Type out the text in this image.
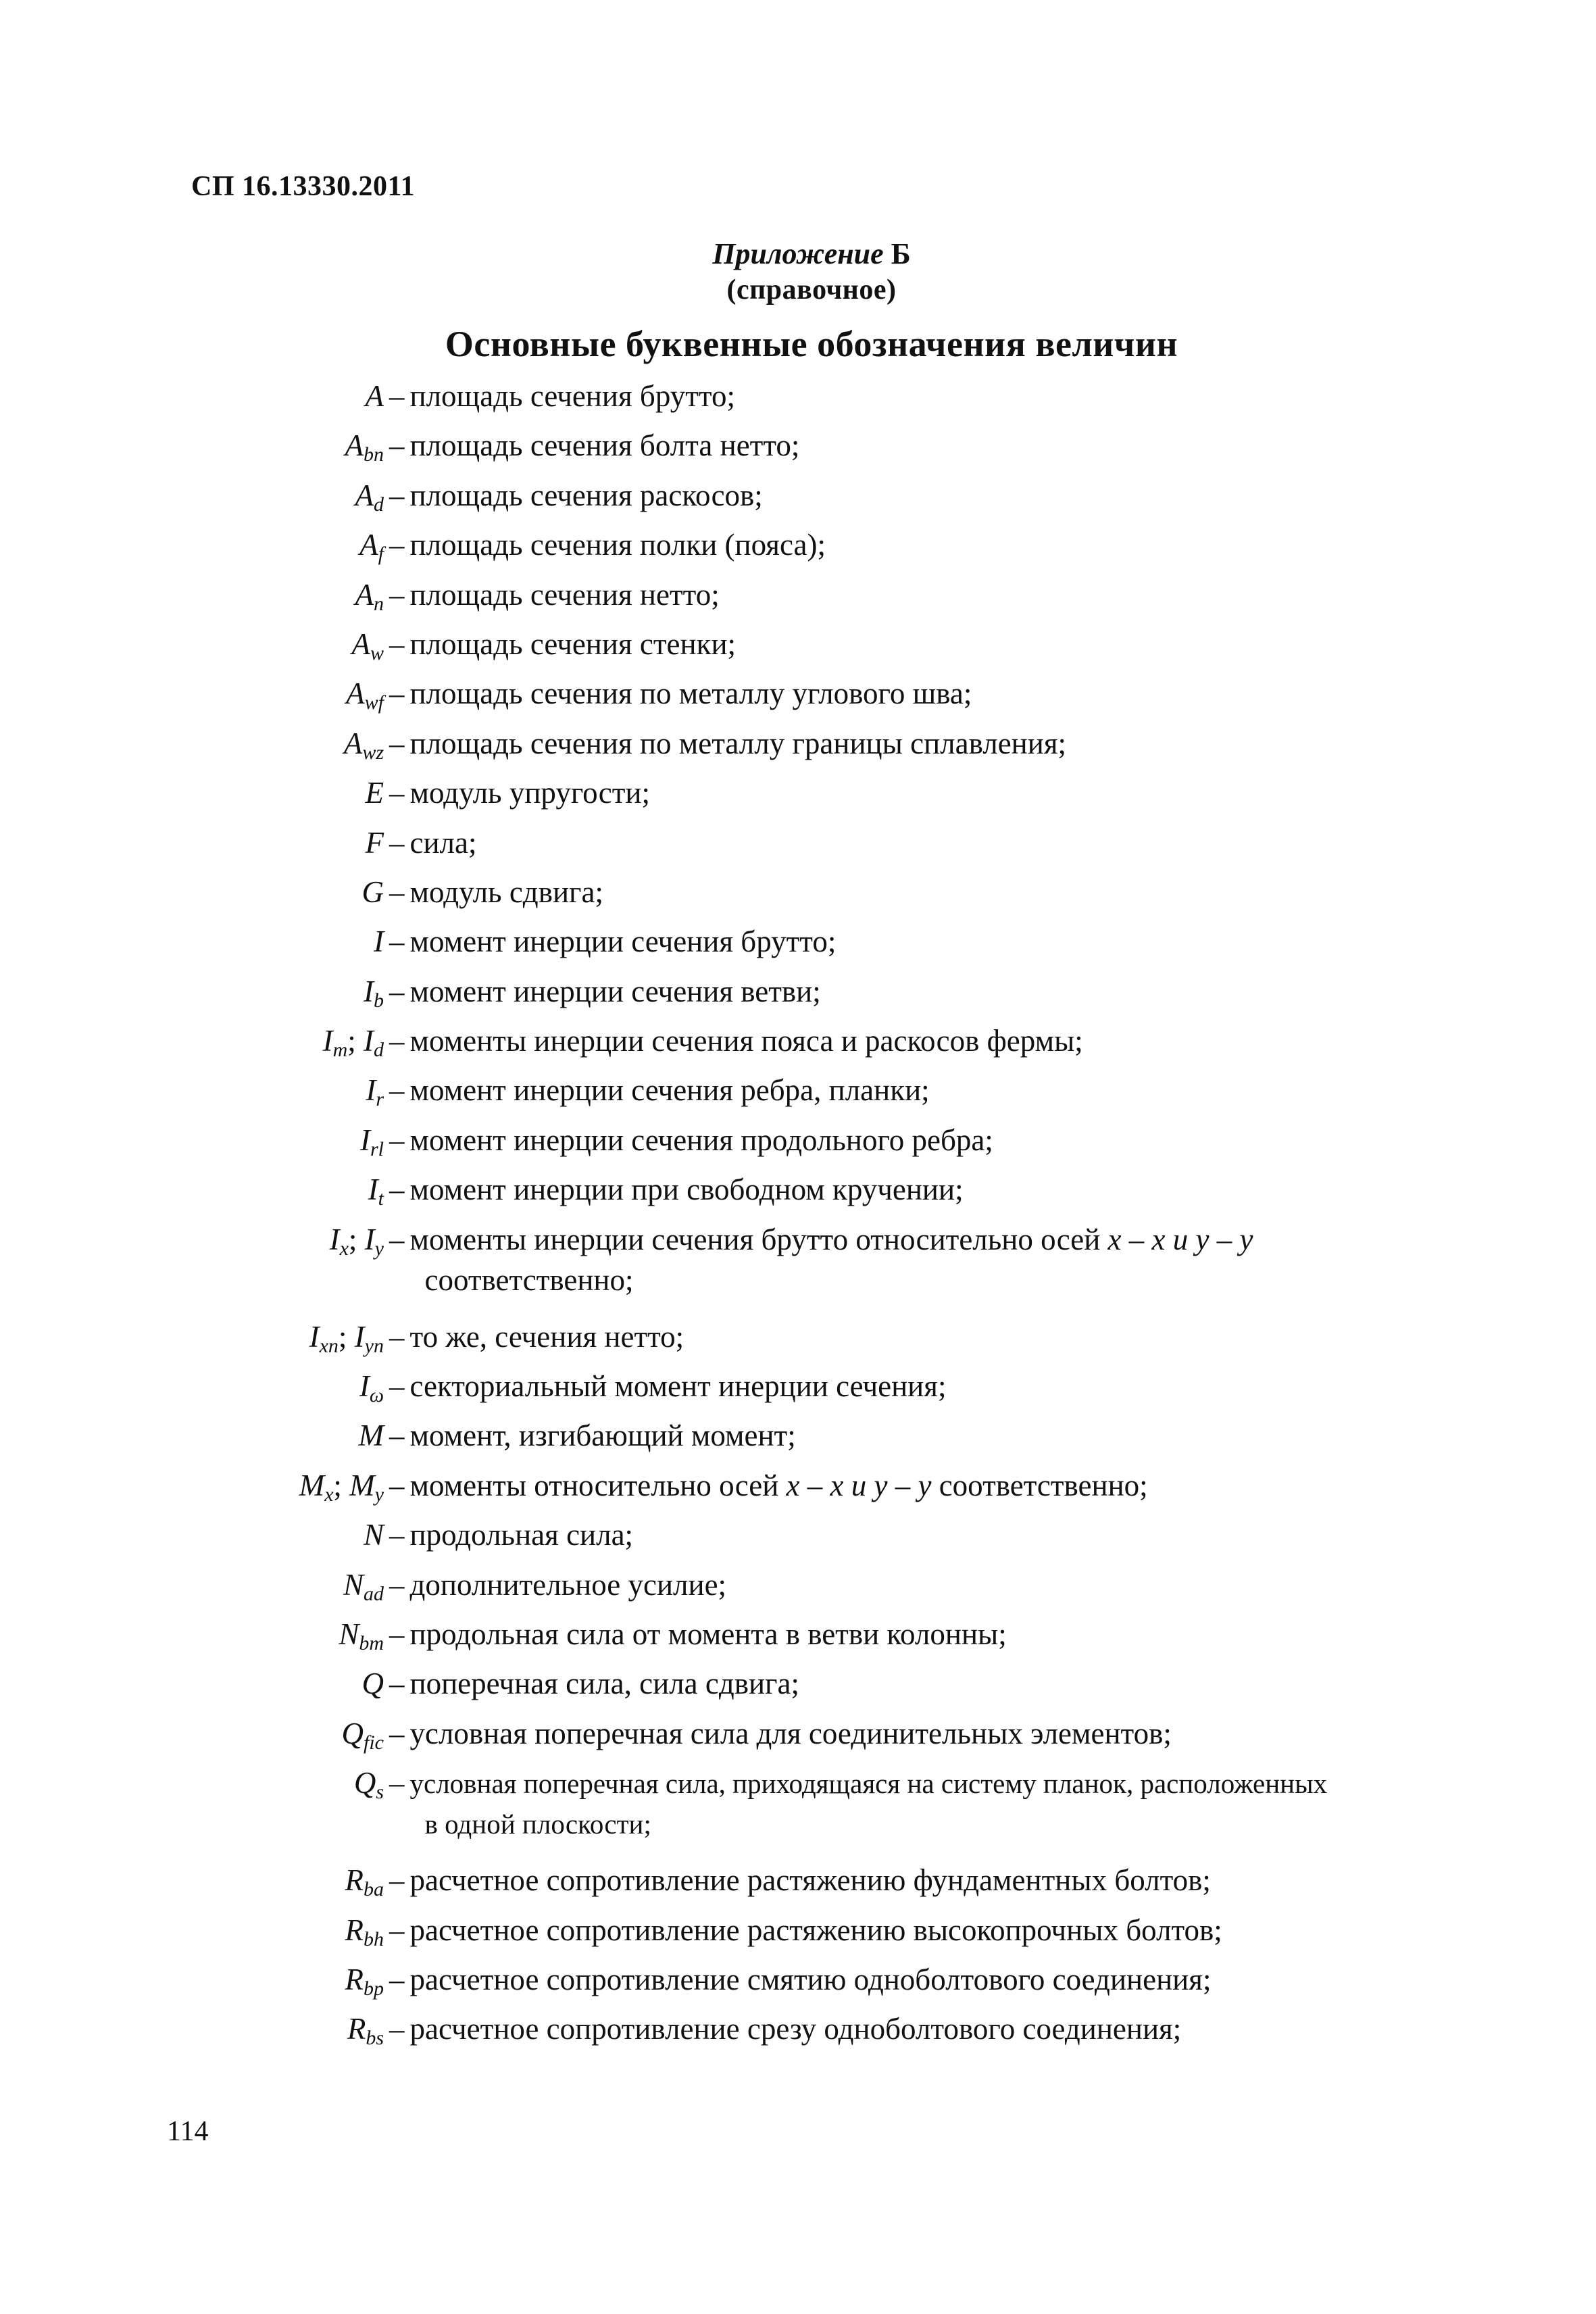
СП 16.13330.2011
Приложение Б
(справочное)
Основные буквенные обозначения величин
A – площадь сечения брутто;
$A_{bn}$ – площадь сечения болта нетто;
$A_d$ – площадь сечения раскосов;
$A_f$ – площадь сечения полки (пояса);
$A_n$ – площадь сечения нетто;
$A_w$ – площадь сечения стенки;
$A_{wf}$ – площадь сечения по металлу углового шва;
$A_{wz}$ – площадь сечения по металлу границы сплавления;
E – модуль упругости;
F – сила;
G – модуль сдвига;
I – момент инерции сечения брутто;
$I_b$ – момент инерции сечения ветви;
$I_m$; $I_d$ – моменты инерции сечения пояса и раскосов фермы;
$I_r$ – момент инерции сечения ребра, планки;
$I_{rl}$ – момент инерции сечения продольного ребра;
$I_t$ – момент инерции при свободном кручении;
$I_x$; $I_y$ – моменты инерции сечения брутто относительно осей x – x и y – y
соответственно;
$I_{xn}$; $I_{yn}$ – то же, сечения нетто;
$I_\omega$ – секториальный момент инерции сечения;
M – момент, изгибающий момент;
$M_x$; $M_y$ – моменты относительно осей x – x и y – y соответственно;
N – продольная сила;
$N_{ad}$ – дополнительное усилие;
$N_{bm}$ – продольная сила от момента в ветви колонны;
Q – поперечная сила, сила сдвига;
$Q_{fic}$ – условная поперечная сила для соединительных элементов;
$Q_s$ – условная поперечная сила, приходящаяся на систему планок, расположенных
в одной плоскости;
$R_{ba}$ – расчетное сопротивление растяжению фундаментных болтов;
$R_{bh}$ – расчетное сопротивление растяжению высокопрочных болтов;
$R_{bp}$ – расчетное сопротивление смятию одноболтового соединения;
$R_{bs}$ – расчетное сопротивление срезу одноболтового соединения;
114
